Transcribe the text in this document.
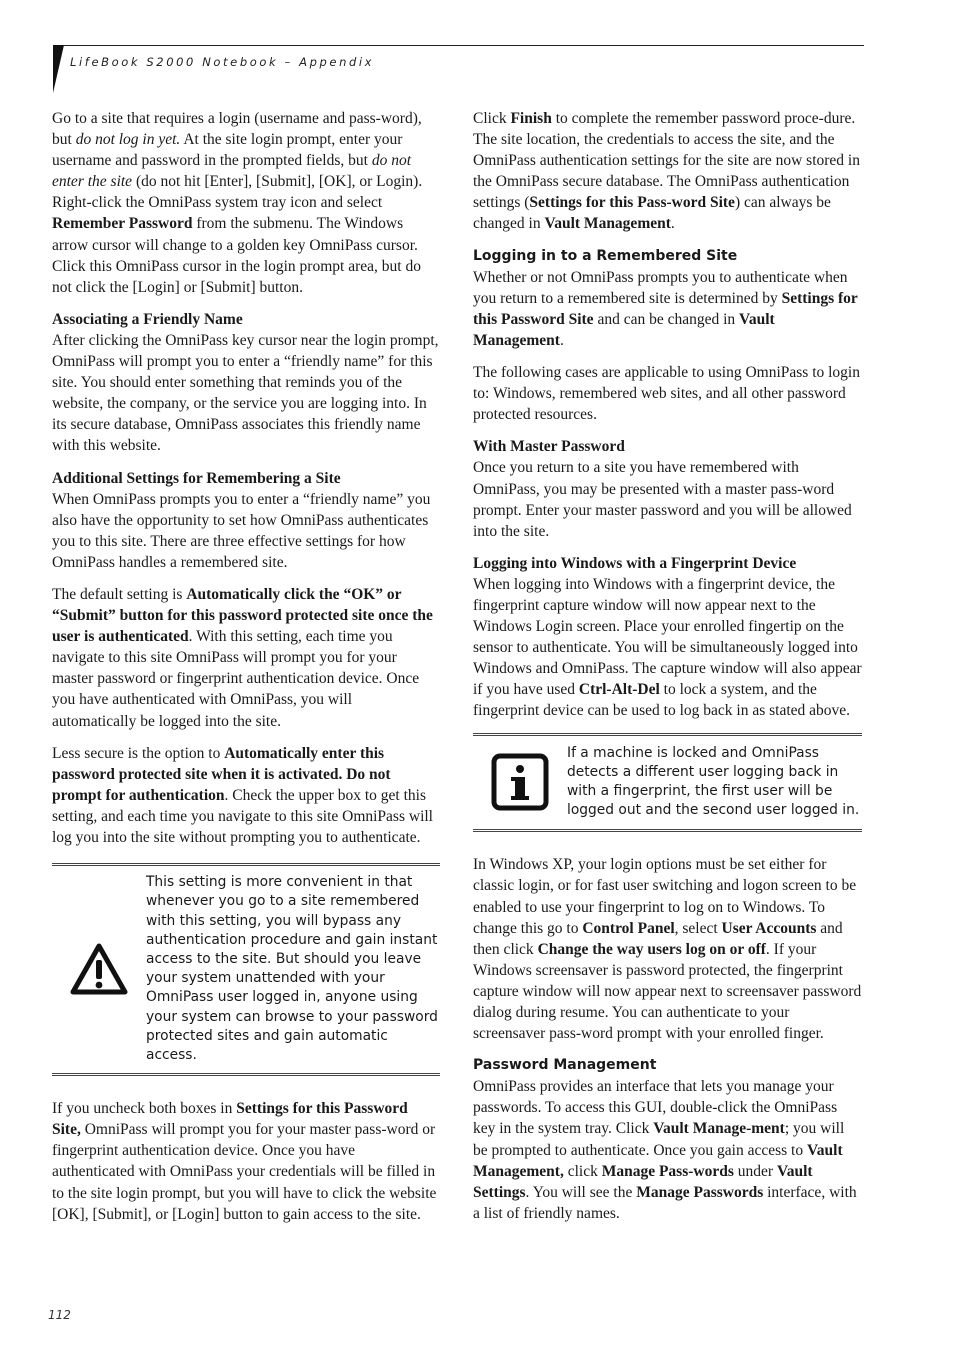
LifeBook S2000 Notebook – Appendix

Go to a site that requires a login (username and pass-word), but do not log in yet. At the site login prompt, enter your username and password in the prompted fields, but do not enter the site (do not hit [Enter], [Submit], [OK], or Login). Right-click the OmniPass system tray icon and select Remember Password from the submenu. The Windows arrow cursor will change to a golden key OmniPass cursor. Click this OmniPass cursor in the login prompt area, but do not click the [Login] or [Submit] button.

Associating a Friendly Name
After clicking the OmniPass key cursor near the login prompt, OmniPass will prompt you to enter a “friendly name” for this site. You should enter something that reminds you of the website, the company, or the service you are logging into. In its secure database, OmniPass associates this friendly name with this website.

Additional Settings for Remembering a Site
When OmniPass prompts you to enter a “friendly name” you also have the opportunity to set how OmniPass authenticates you to this site. There are three effective settings for how OmniPass handles a remembered site.

The default setting is Automatically click the “OK” or “Submit” button for this password protected site once the user is authenticated. With this setting, each time you navigate to this site OmniPass will prompt you for your master password or fingerprint authentication device. Once you have authenticated with OmniPass, you will automatically be logged into the site.

Less secure is the option to Automatically enter this password protected site when it is activated. Do not prompt for authentication. Check the upper box to get this setting, and each time you navigate to this site OmniPass will log you into the site without prompting you to authenticate.

This setting is more convenient in that whenever you go to a site remembered with this setting, you will bypass any authentication procedure and gain instant access to the site. But should you leave your system unattended with your OmniPass user logged in, anyone using your system can browse to your password protected sites and gain automatic access.

If you uncheck both boxes in Settings for this Password Site, OmniPass will prompt you for your master pass-word or fingerprint authentication device. Once you have authenticated with OmniPass your credentials will be filled in to the site login prompt, but you will have to click the website [OK], [Submit], or [Login] button to gain access to the site.

Click Finish to complete the remember password proce-dure. The site location, the credentials to access the site, and the OmniPass authentication settings for the site are now stored in the OmniPass secure database. The OmniPass authentication settings (Settings for this Pass-word Site) can always be changed in Vault Management.

Logging in to a Remembered Site
Whether or not OmniPass prompts you to authenticate when you return to a remembered site is determined by Settings for this Password Site and can be changed in Vault Management.

The following cases are applicable to using OmniPass to login to: Windows, remembered web sites, and all other password protected resources.

With Master Password
Once you return to a site you have remembered with OmniPass, you may be presented with a master pass-word prompt. Enter your master password and you will be allowed into the site.

Logging into Windows with a Fingerprint Device
When logging into Windows with a fingerprint device, the fingerprint capture window will now appear next to the Windows Login screen. Place your enrolled fingertip on the sensor to authenticate. You will be simultaneously logged into Windows and OmniPass. The capture window will also appear if you have used Ctrl-Alt-Del to lock a system, and the fingerprint device can be used to log back in as stated above.

If a machine is locked and OmniPass detects a different user logging back in with a fingerprint, the first user will be logged out and the second user logged in.

In Windows XP, your login options must be set either for classic login, or for fast user switching and logon screen to be enabled to use your fingerprint to log on to Windows. To change this go to Control Panel, select User Accounts and then click Change the way users log on or off. If your Windows screensaver is password protected, the fingerprint capture window will now appear next to screensaver password dialog during resume. You can authenticate to your screensaver pass-word prompt with your enrolled finger.

Password Management
OmniPass provides an interface that lets you manage your passwords. To access this GUI, double-click the OmniPass key in the system tray. Click Vault Manage-ment; you will be prompted to authenticate. Once you gain access to Vault Management, click Manage Pass-words under Vault Settings. You will see the Manage Passwords interface, with a list of friendly names.

112
